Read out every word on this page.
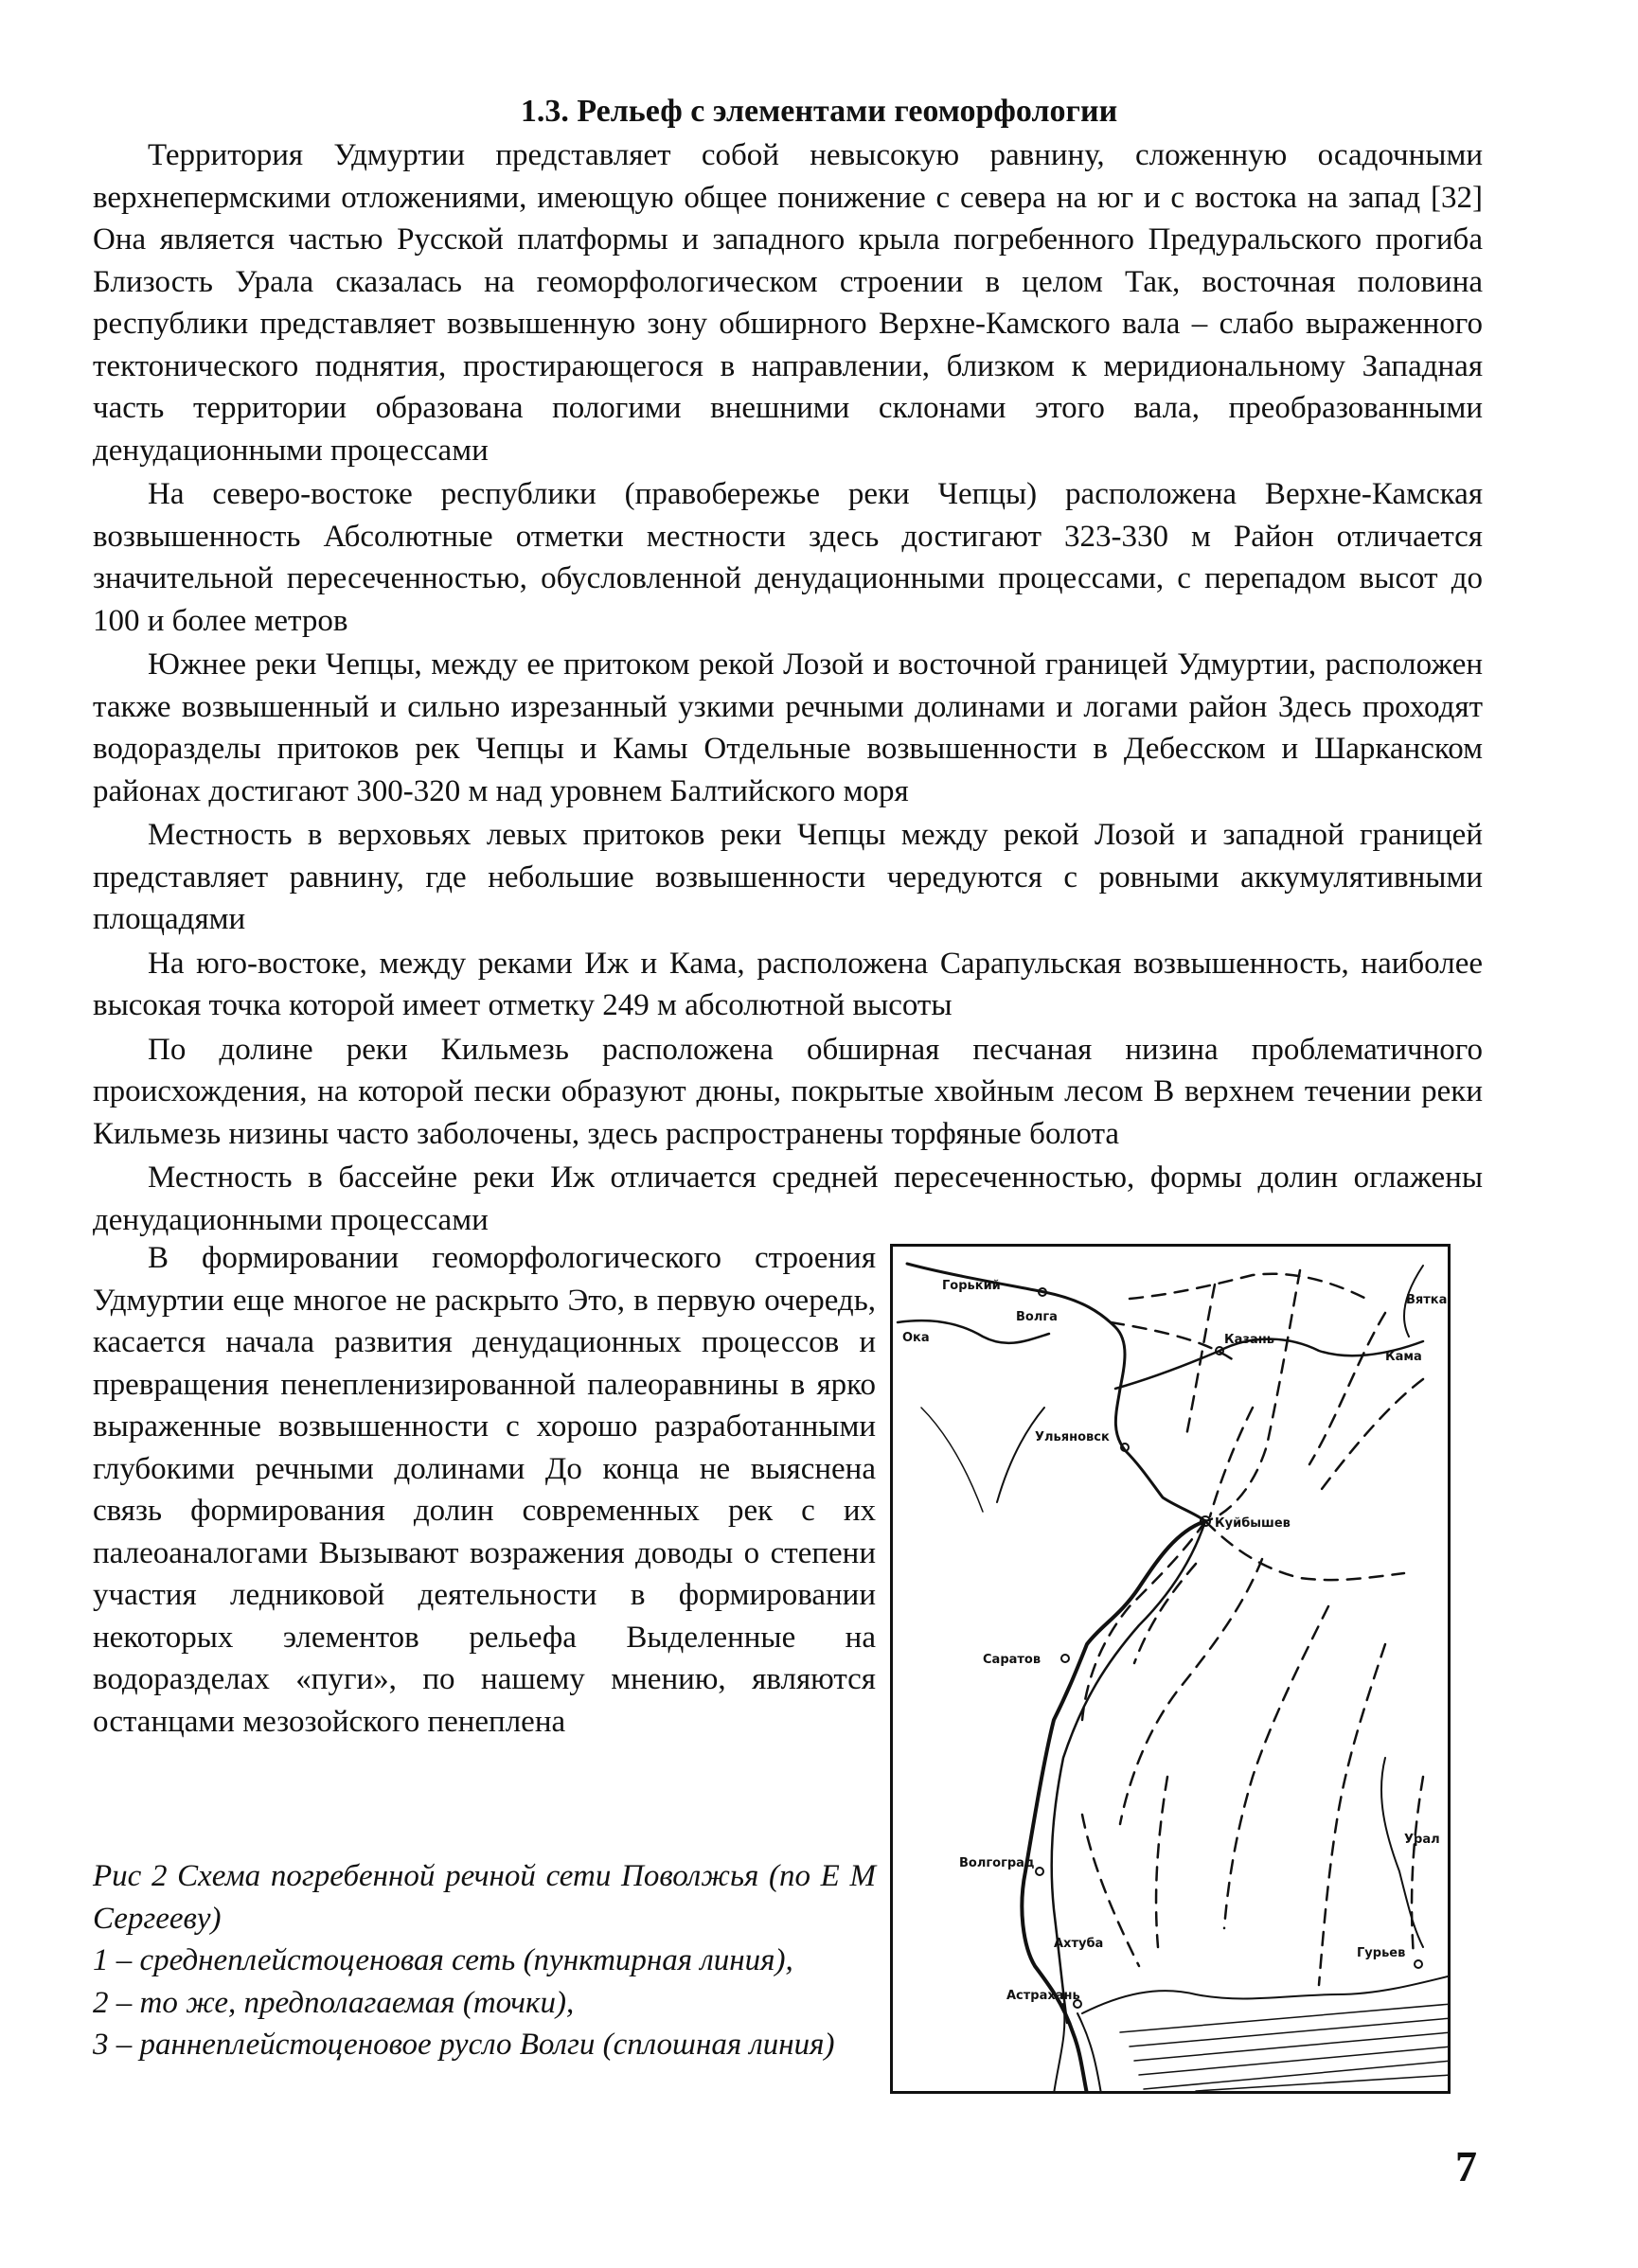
1.3. Рельеф с элементами геоморфологии

Территория Удмуртии представляет собой невысокую равнину, сложенную осадочными верхнепермскими отложениями, имеющую общее понижение с севера на юг и с востока на запад [32] Она является частью Русской платформы и западного крыла погребенного Предуральского прогиба Близость Урала сказалась на геоморфологическом строении в целом Так, восточная половина республики представляет возвышенную зону обширного Верхне-Камского вала – слабо выраженного тектонического поднятия, простирающегося в направлении, близком к меридиональному Западная часть территории образована пологими внешними склонами этого вала, преобразованными денудационными процессами

На северо-востоке республики (правобережье реки Чепцы) расположена Верхне-Камская возвышенность Абсолютные отметки местности здесь достигают 323-330 м Район отличается значительной пересеченностью, обусловленной денудационными процессами, с перепадом высот до 100 и более метров

Южнее реки Чепцы, между ее притоком рекой Лозой и восточной границей Удмуртии, расположен также возвышенный и сильно изрезанный узкими речными долинами и логами район Здесь проходят водоразделы притоков рек Чепцы и Камы Отдельные возвышенности в Дебесском и Шарканском районах достигают 300-320 м над уровнем Балтийского моря

Местность в верховьях левых притоков реки Чепцы между рекой Лозой и западной границей представляет равнину, где небольшие возвышенности чередуются с ровными аккумулятивными площадями

На юго-востоке, между реками Иж и Кама, расположена Сарапульская возвышенность, наиболее высокая точка которой имеет отметку 249 м абсолютной высоты

По долине реки Кильмезь расположена обширная песчаная низина проблематичного происхождения, на которой пески образуют дюны, покрытые хвойным лесом В верхнем течении реки Кильмезь низины часто заболочены, здесь распространены торфяные болота

Местность в бассейне реки Иж отличается средней пересеченностью, формы долин оглажены денудационными процессами

В формировании геоморфологического строения Удмуртии еще многое не раскрыто Это, в первую очередь, касается начала развития денудационных процессов и превращения пенепленизированной палеоравнины в ярко выраженные возвышенности с хорошо разработанными глубокими речными долинами До конца не выяснена связь формирования долин современных рек с их палеоаналогами Вызывают возражения доводы о степени участия ледниковой деятельности в формировании некоторых элементов рельефа Выделенные на водоразделах «пуги», по нашему мнению, являются останцами мезозойского пенеплена

Рис 2 Схема погребенной речной сети Поволжья (по Е М Сергееву)

1 – среднеплейстоценовая сеть (пунктирная линия),

2 – то же, предполагаемая (точки),

3 – раннеплейстоценовое русло Волги (сплошная линия)

Горький
Волга
Ока	Казань
Кама
Вятка
Ульяновск
Куйбышев
Саратов
Волгоград
Урал
Гурьев
Астрахань
Ахтуба
7
